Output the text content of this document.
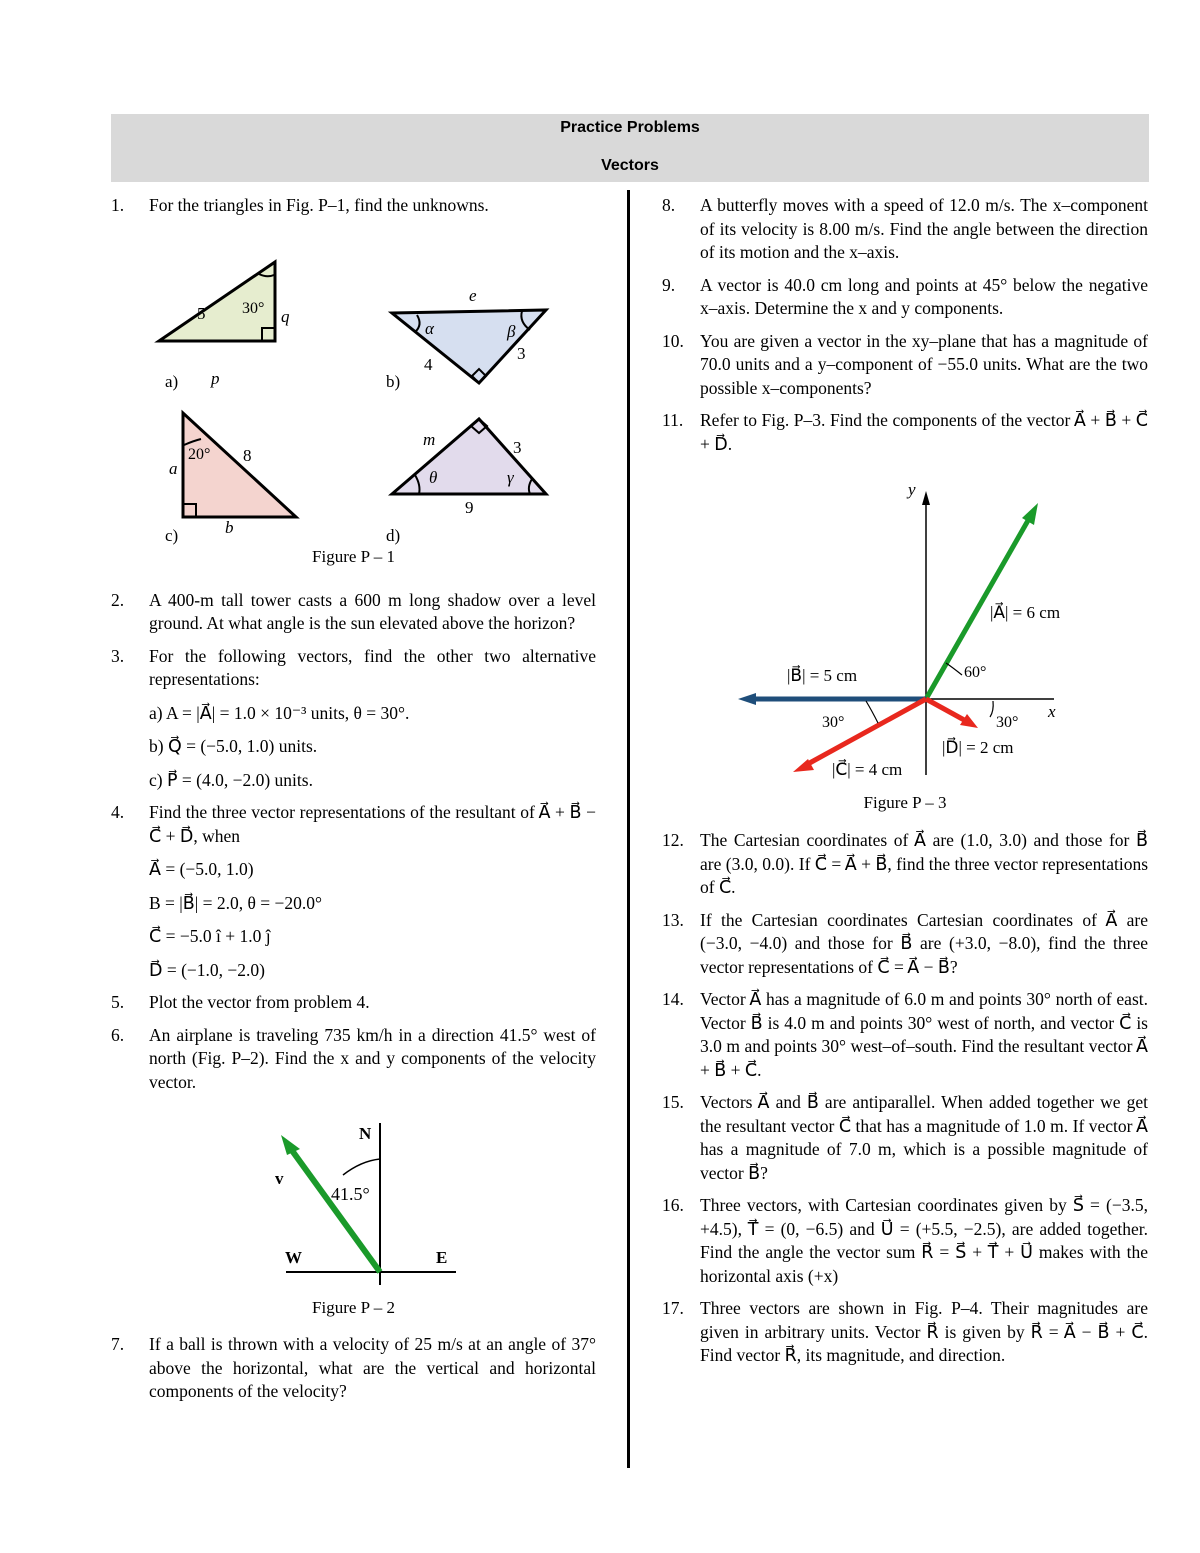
Practice Problems
Vectors
1.	For the triangles in Fig. P–1, find the unknowns.
5 30° q
p
a)
e
4
3
α	β
b)
20° 8
a
b
c)
m	3
9
θ	γ
d)
Figure P – 1
2.	A 400-m tall tower casts a 600 m long shadow over a level ground. At what angle is the sun elevated above the horizon?
3.	For the following vectors, find the other two alternative representations:
a) A = |A⃗| = 1.0 × 10⁻³ units, θ = 30°.
b) Q⃗ = (−5.0, 1.0) units.
c) P⃗ = (4.0, −2.0) units.
4.	Find the three vector representations of the resultant of A⃗ + B⃗ − C⃗ + D⃗, when
A⃗ = (−5.0, 1.0)
B = |B⃗| = 2.0, θ = −20.0°
C⃗ = −5.0 î + 1.0 ĵ
D⃗ = (−1.0, −2.0)
5.	Plot the vector from problem 4.
6.	An airplane is traveling 735 km/h in a direction 41.5° west of north (Fig. P–2). Find the x and y components of the velocity vector.
N
W	E
v⃗
41.5°
Figure P – 2
7.	If a ball is thrown with a velocity of 25 m/s at an angle of 37° above the horizontal, what are the vertical and horizontal components of the velocity?
8.	A butterfly moves with a speed of 12.0 m/s. The x–component of its velocity is 8.00 m/s. Find the angle between the direction of its motion and the x–axis.
9.	A vector is 40.0 cm long and points at 45° below the negative x–axis. Determine the x and y components.
10. You are given a vector in the xy–plane that has a magnitude of 70.0 units and a y–component of −55.0 units. What are the two possible x–components?
11. Refer to Fig. P–3. Find the components of the vector A⃗ + B⃗ + C⃗ + D⃗.
y
x
|A⃗| = 6 cm
|B⃗| = 5 cm
|C⃗| = 4 cm
|D⃗| = 2 cm
60°
30°	30°
Figure P – 3
12. The Cartesian coordinates of A⃗ are (1.0, 3.0) and those for B⃗ are (3.0, 0.0). If C⃗ = A⃗ + B⃗, find the three vector representations of C⃗.
13. If the Cartesian coordinates Cartesian coordinates of A⃗ are (−3.0, −4.0) and those for B⃗ are (+3.0, −8.0), find the three vector representations of C⃗ = A⃗ − B⃗?
14. Vector A⃗ has a magnitude of 6.0 m and points 30° north of east. Vector B⃗ is 4.0 m and points 30° west of north, and vector C⃗ is 3.0 m and points 30° west–of–south. Find the resultant vector A⃗ + B⃗ + C⃗.
15. Vectors A⃗ and B⃗ are antiparallel. When added together we get the resultant vector C⃗ that has a magnitude of 1.0 m. If vector A⃗ has a magnitude of 7.0 m, which is a possible magnitude of vector B⃗?
16. Three vectors, with Cartesian coordinates given by S⃗ = (−3.5, +4.5), T⃗ = (0, −6.5) and U⃗ = (+5.5, −2.5), are added together. Find the angle the vector sum R⃗ = S⃗ + T⃗ + U⃗ makes with the horizontal axis (+x)
17. Three vectors are shown in Fig. P–4. Their magnitudes are given in arbitrary units. Vector R⃗ is given by R⃗ = A⃗ − B⃗ + C⃗. Find vector R⃗, its magnitude, and direction.
